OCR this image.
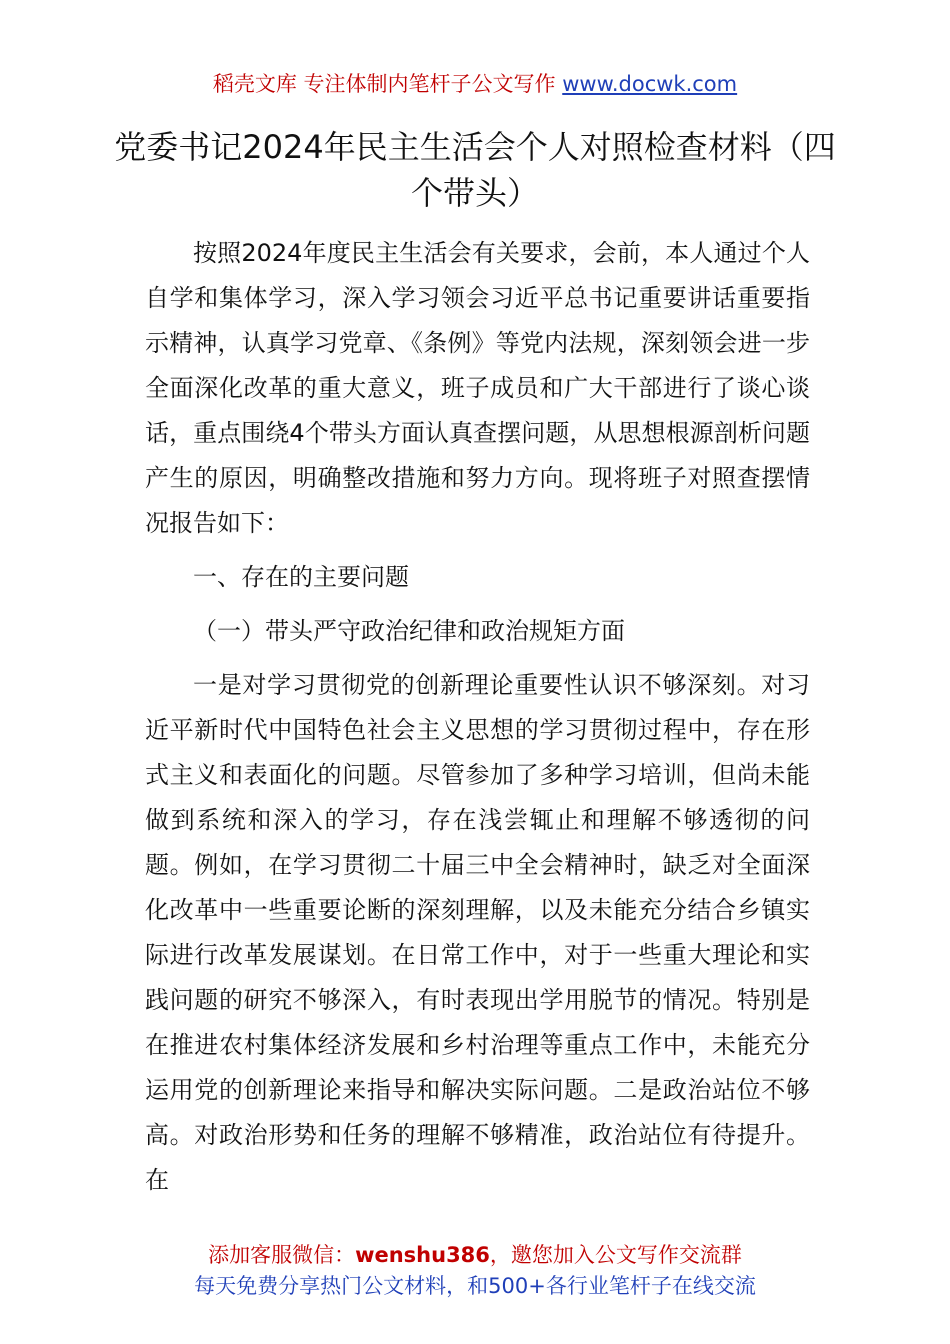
稻壳文库 专注体制内笔杆子公文写作 www.docwk.com
党委书记2024年民主生活会个人对照检查材料（四个带头）

按照2024年度民主生活会有关要求，会前，本人通过个人自学和集体学习，深入学习领会习近平总书记重要讲话重要指示精神，认真学习党章、《条例》等党内法规，深刻领会进一步全面深化改革的重大意义，班子成员和广大干部进行了谈心谈话，重点围绕4个带头方面认真查摆问题，从思想根源剖析问题产生的原因，明确整改措施和努力方向。现将班子对照查摆情况报告如下：

一、存在的主要问题

（一）带头严守政治纪律和政治规矩方面

一是对学习贯彻党的创新理论重要性认识不够深刻。对习近平新时代中国特色社会主义思想的学习贯彻过程中，存在形式主义和表面化的问题。尽管参加了多种学习培训，但尚未能做到系统和深入的学习，存在浅尝辄止和理解不够透彻的问题。例如，在学习贯彻二十届三中全会精神时，缺乏对全面深化改革中一些重要论断的深刻理解，以及未能充分结合乡镇实际进行改革发展谋划。在日常工作中，对于一些重大理论和实践问题的研究不够深入，有时表现出学用脱节的情况。特别是在推进农村集体经济发展和乡村治理等重点工作中，未能充分运用党的创新理论来指导和解决实际问题。二是政治站位不够高。对政治形势和任务的理解不够精准，政治站位有待提升。在

添加客服微信：wenshu386，邀您加入公文写作交流群
每天免费分享热门公文材料，和500+各行业笔杆子在线交流
